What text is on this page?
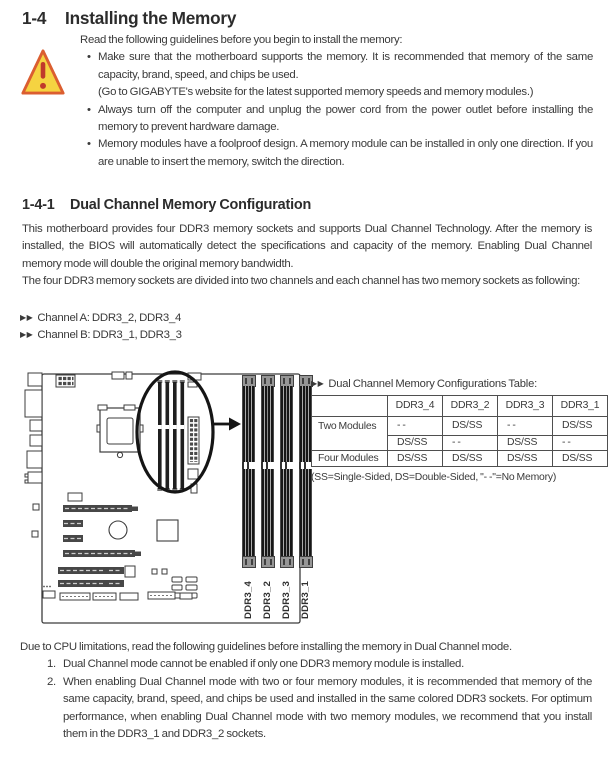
1-4	Installing the Memory
Read the following guidelines before you begin to install the memory:
• Make sure that the motherboard supports the memory. It is recommended that memory of the same capacity, brand, speed, and chips be used.
(Go to GIGABYTE's website for the latest supported memory speeds and memory modules.)
• Always turn off the computer and unplug the power cord from the power outlet before installing the memory to prevent hardware damage.
• Memory modules have a foolproof design. A memory module can be installed in only one direction. If you are unable to insert the memory, switch the direction.
1-4-1	Dual Channel Memory Configuration
This motherboard provides four DDR3 memory sockets and supports Dual Channel Technology. After the memory is installed, the BIOS will automatically detect the specifications and capacity of the memory. Enabling Dual Channel memory mode will double the original memory bandwidth.
The four DDR3 memory sockets are divided into two channels and each channel has two memory sockets as following:
▶▶ Channel A: DDR3_2, DDR3_4
▶▶ Channel B: DDR3_1, DDR3_3
DDR3_4 DDR3_2 DDR3_3 DDR3_1
▶▶ Dual Channel Memory Configurations Table:
	DDR3_4	DDR3_2	DDR3_3	DDR3_1
Two Modules	- -	DS/SS	- -	DS/SS
	DS/SS	- -	DS/SS	- -
Four Modules	DS/SS	DS/SS	DS/SS	DS/SS
(SS=Single-Sided, DS=Double-Sided, "- -"=No Memory)
Due to CPU limitations, read the following guidelines before installing the memory in Dual Channel mode.
1. Dual Channel mode cannot be enabled if only one DDR3 memory module is installed.
2. When enabling Dual Channel mode with two or four memory modules, it is recommended that memory of the same capacity, brand, speed, and chips be used and installed in the same colored DDR3 sockets. For optimum performance, when enabling Dual Channel mode with two memory modules, we recommend that you install them in the DDR3_1 and DDR3_2 sockets.
